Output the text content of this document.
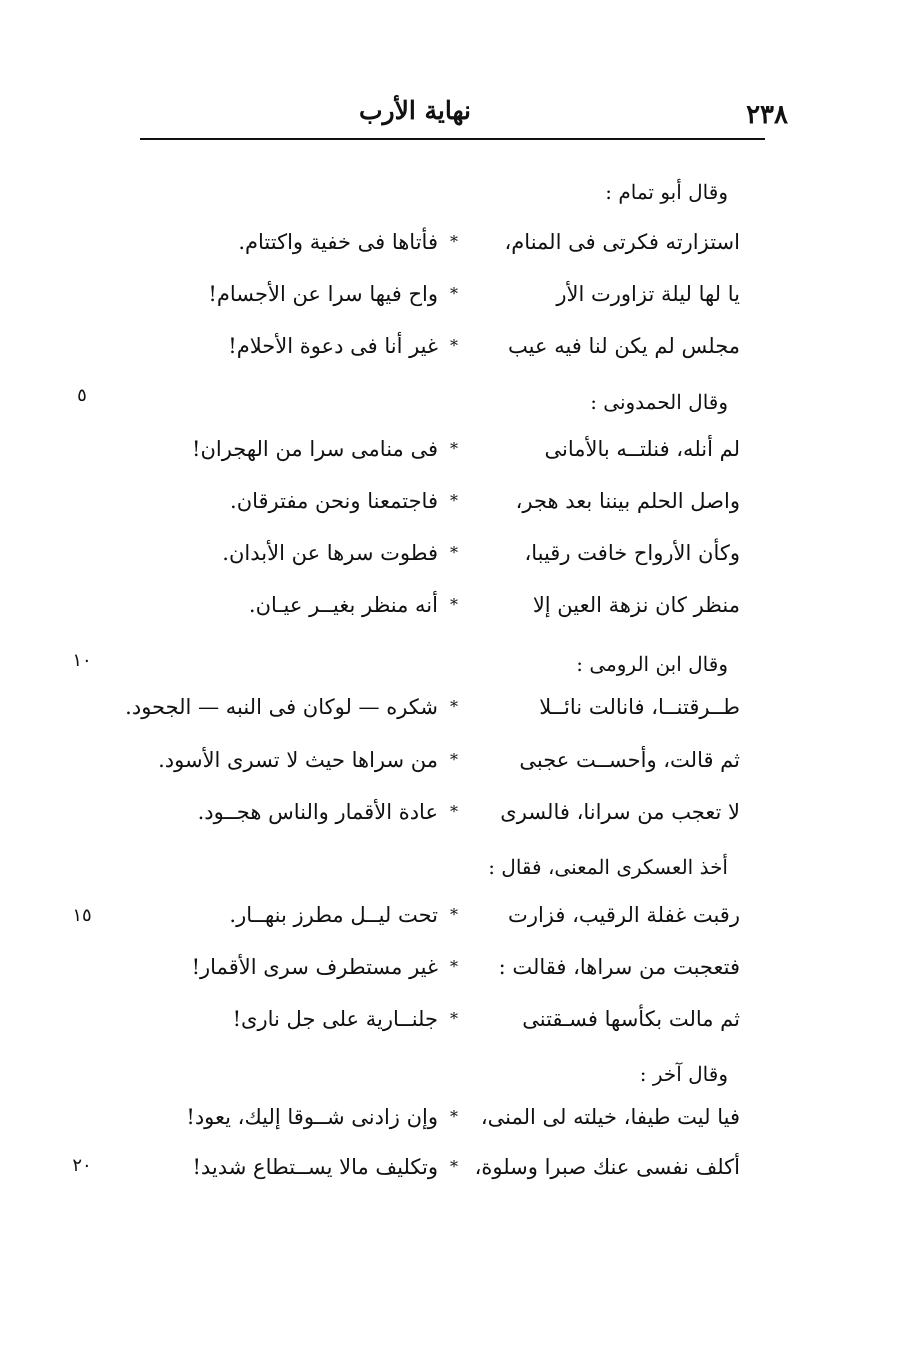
نهاية الأرب	٢٣٨
٥
١٠
١٥
٢٠
وقال أبو تمام :
استزارته فكرتى فى المنام،
*
فأتاها فى خفية واكتتام.
يا لها ليلة تزاورت الأر
*
واح فيها سرا عن الأجسام!
مجلس لم يكن لنا فيه عيب
*
غير أنا فى دعوة الأحلام!
وقال الحمدونى :
لم أنله، فنلتــه بالأمانى
*
فى منامى سرا من الهجران!
واصل الحلم بيننا بعد هجر،
*
فاجتمعنا ونحن مفترقان.
وكأن الأرواح خافت رقيبا،
*
فطوت سرها عن الأبدان.
منظر كان نزهة العين إلا
*
أنه منظر بغيــر عيـان.
وقال ابن الرومى :
طــرقتنــا، فانالت نائــلا
*
شكره — لوكان فى النبه — الجحود.
ثم قالت، وأحســت عجبى
*
من سراها حيث لا تسرى الأسود.
لا تعجب من سرانا، فالسرى
*
عادة الأقمار والناس هجــود.
أخذ العسكرى المعنى، فقال :
رقبت غفلة الرقيب، فزارت
*
تحت ليــل مطرز بنهــار.
فتعجبت من سراها، فقالت :
*
غير مستطرف سرى الأقمار!
ثم مالت بكأسها فسـقتنى
*
جلنــارية على جل نارى!
وقال آخر :
فيا ليت طيفا، خيلته لى المنى،
*
وإن زادنى شــوقا إليك، يعود!
أكلف نفسى عنك صبرا وسلوة،
*
وتكليف مالا يســتطاع شديد!
